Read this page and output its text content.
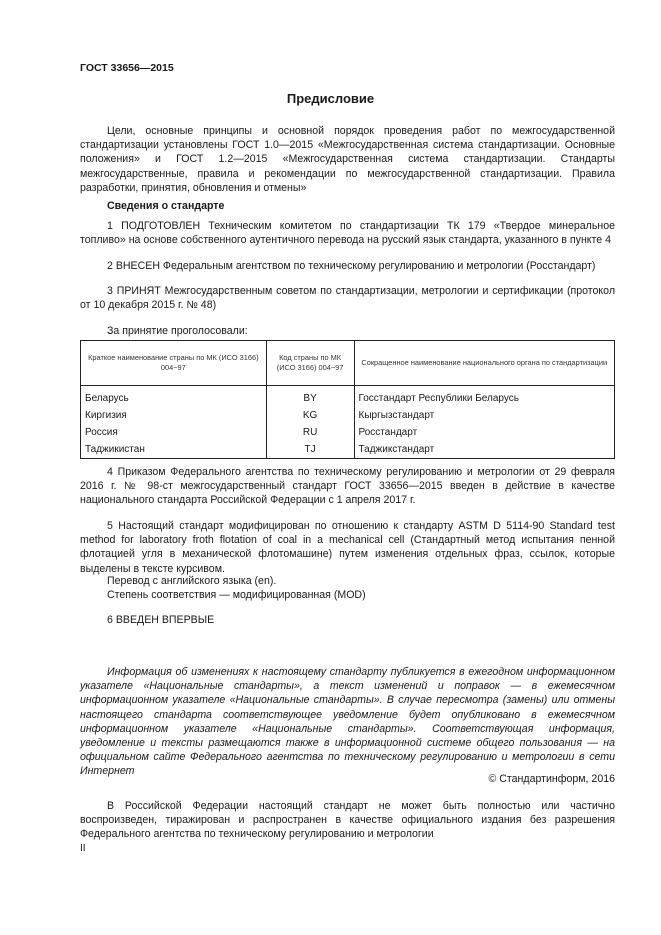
ГОСТ 33656—2015
Предисловие

Цели, основные принципы и основной порядок проведения работ по межгосударственной стандартизации установлены ГОСТ 1.0—2015 «Межгосударственная система стандартизации. Основные положения» и ГОСТ 1.2—2015 «Межгосударственная система стандартизации. Стандарты межгосударственные, правила и рекомендации по межгосударственной стандартизации. Правила разработки, принятия, обновления и отмены»

Сведения о стандарте

1 ПОДГОТОВЛЕН Техническим комитетом по стандартизации ТК 179 «Твердое минеральное топливо» на основе собственного аутентичного перевода на русский язык стандарта, указанного в пункте 4

2 ВНЕСЕН Федеральным агентством по техническому регулированию и метрологии (Росстандарт)

3 ПРИНЯТ Межгосударственным советом по стандартизации, метрологии и сертификации (протокол от 10 декабря 2015 г. № 48)

За принятие проголосовали:

Краткое наименование страны по МК (ИСО 3166) 004−97	Код страны по МК (ИСО 3166) 004−97	Сокращенное наименование национального органа по стандартизации

Беларусь	BY	Госстандарт Республики Беларусь
Киргизия	KG	Кыргызстандарт
Россия	RU	Росстандарт
Таджикистан	TJ	Таджикстандарт

4 Приказом Федерального агентства по техническому регулированию и метрологии от 29 февраля 2016 г. № 98-ст межгосударственный стандарт ГОСТ 33656—2015 введен в действие в качестве национального стандарта Российской Федерации с 1 апреля 2017 г.

5 Настоящий стандарт модифицирован по отношению к стандарту ASTM D 5114-90 Standard test method for laboratory froth flotation of coal in a mechanical cell (Стандартный метод испытания пенной флотацией угля в механической флотомашине) путем изменения отдельных фраз, ссылок, которые выделены в тексте курсивом.

Перевод с английского языка (en).

Степень соответствия — модифицированная (MOD)

6 ВВЕДЕН ВПЕРВЫЕ

Информация об изменениях к настоящему стандарту публикуется в ежегодном информационном указателе «Национальные стандарты», а текст изменений и поправок — в ежемесячном информационном указателе «Национальные стандарты». В случае пересмотра (замены) или отмены настоящего стандарта соответствующее уведомление будет опубликовано в ежемесячном информационном указателе «Национальные стандарты». Соответствующая информация, уведомление и тексты размещаются также в информационной системе общего пользования — на официальном сайте Федерального агентства по техническому регулированию и метрологии в сети Интернет

© Стандартинформ, 2016

В Российской Федерации настоящий стандарт не может быть полностью или частично воспроизведен, тиражирован и распространен в качестве официального издания без разрешения Федерального агентства по техническому регулированию и метрологии

II
